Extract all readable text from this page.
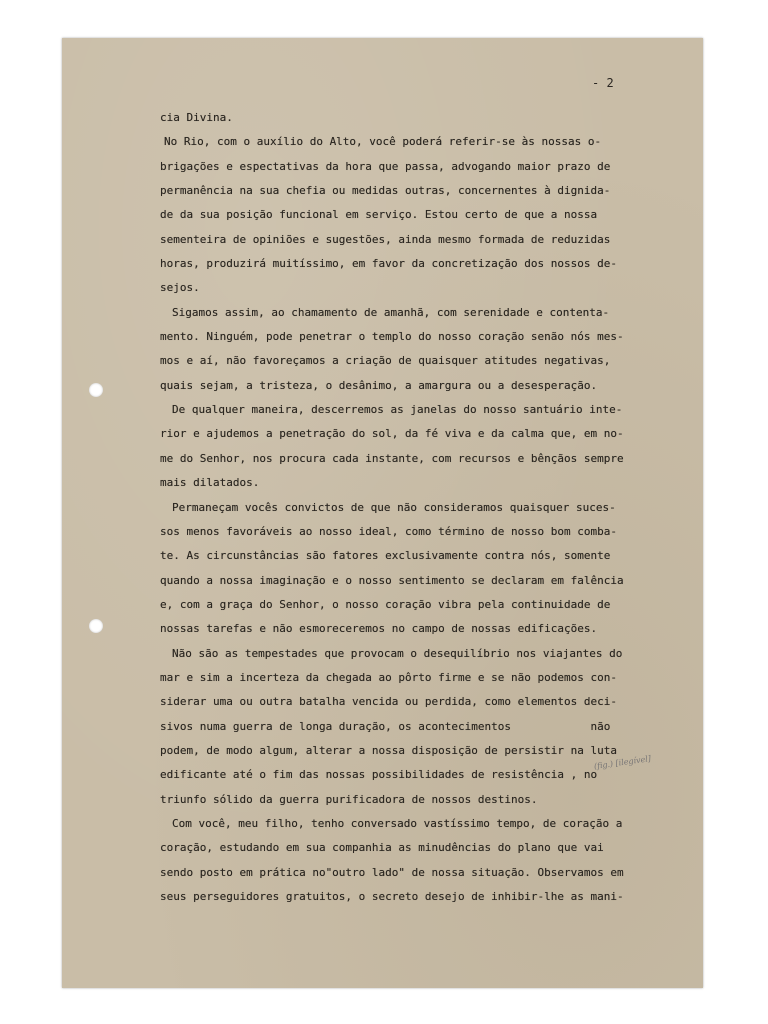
- 2
cia Divina.
No Rio, com o auxílio do Alto, você poderá referir-se às nossas o-
brigações e espectativas da hora que passa, advogando maior prazo de
permanência na sua chefia ou medidas outras, concernentes à dignida-
de da sua posição funcional em serviço. Estou certo de que a nossa
sementeira de opiniões e sugestões, ainda mesmo formada de reduzidas
horas, produzirá muitíssimo, em favor da concretização dos nossos de-
sejos.
Sigamos assim, ao chamamento de amanhã, com serenidade e contenta-
mento. Ninguém, pode penetrar o templo do nosso coração senão nós mes-
mos e aí, não favoreçamos a criação de quaisquer atitudes negativas,
quais sejam, a tristeza, o desânimo, a amargura ou a desesperação.
De qualquer maneira, descerremos as janelas do nosso santuário inte-
rior e ajudemos a penetração do sol, da fé viva e da calma que, em no-
me do Senhor, nos procura cada instante, com recursos e bênçãos sempre
mais dilatados.
Permaneçam vocês convictos de que não consideramos quaisquer suces-
sos menos favoráveis ao nosso ideal, como término de nosso bom comba-
te. As circunstâncias são fatores exclusivamente contra nós, somente
quando a nossa imaginação e o nosso sentimento se declaram em falência
e, com a graça do Senhor, o nosso coração vibra pela continuidade de
nossas tarefas e não esmoreceremos no campo de nossas edificações.
Não são as tempestades que provocam o desequilíbrio nos viajantes do
mar e sim a incerteza da chegada ao pôrto firme e se não podemos con-
siderar uma ou outra batalha vencida ou perdida, como elementos deci-
sivos numa guerra de longa duração, os acontecimentos            não
podem, de modo algum, alterar a nossa disposição de persistir na luta
edificante até o fim das nossas possibilidades de resistência , no
triunfo sólido da guerra purificadora de nossos destinos.
Com você, meu filho, tenho conversado vastíssimo tempo, de coração a
coração, estudando em sua companhia as minudências do plano que vai
sendo posto em prática no"outro lado" de nossa situação. Observamos em
seus perseguidores gratuitos, o secreto desejo de inhibir-lhe as mani-
(fig.) [ilegível]
